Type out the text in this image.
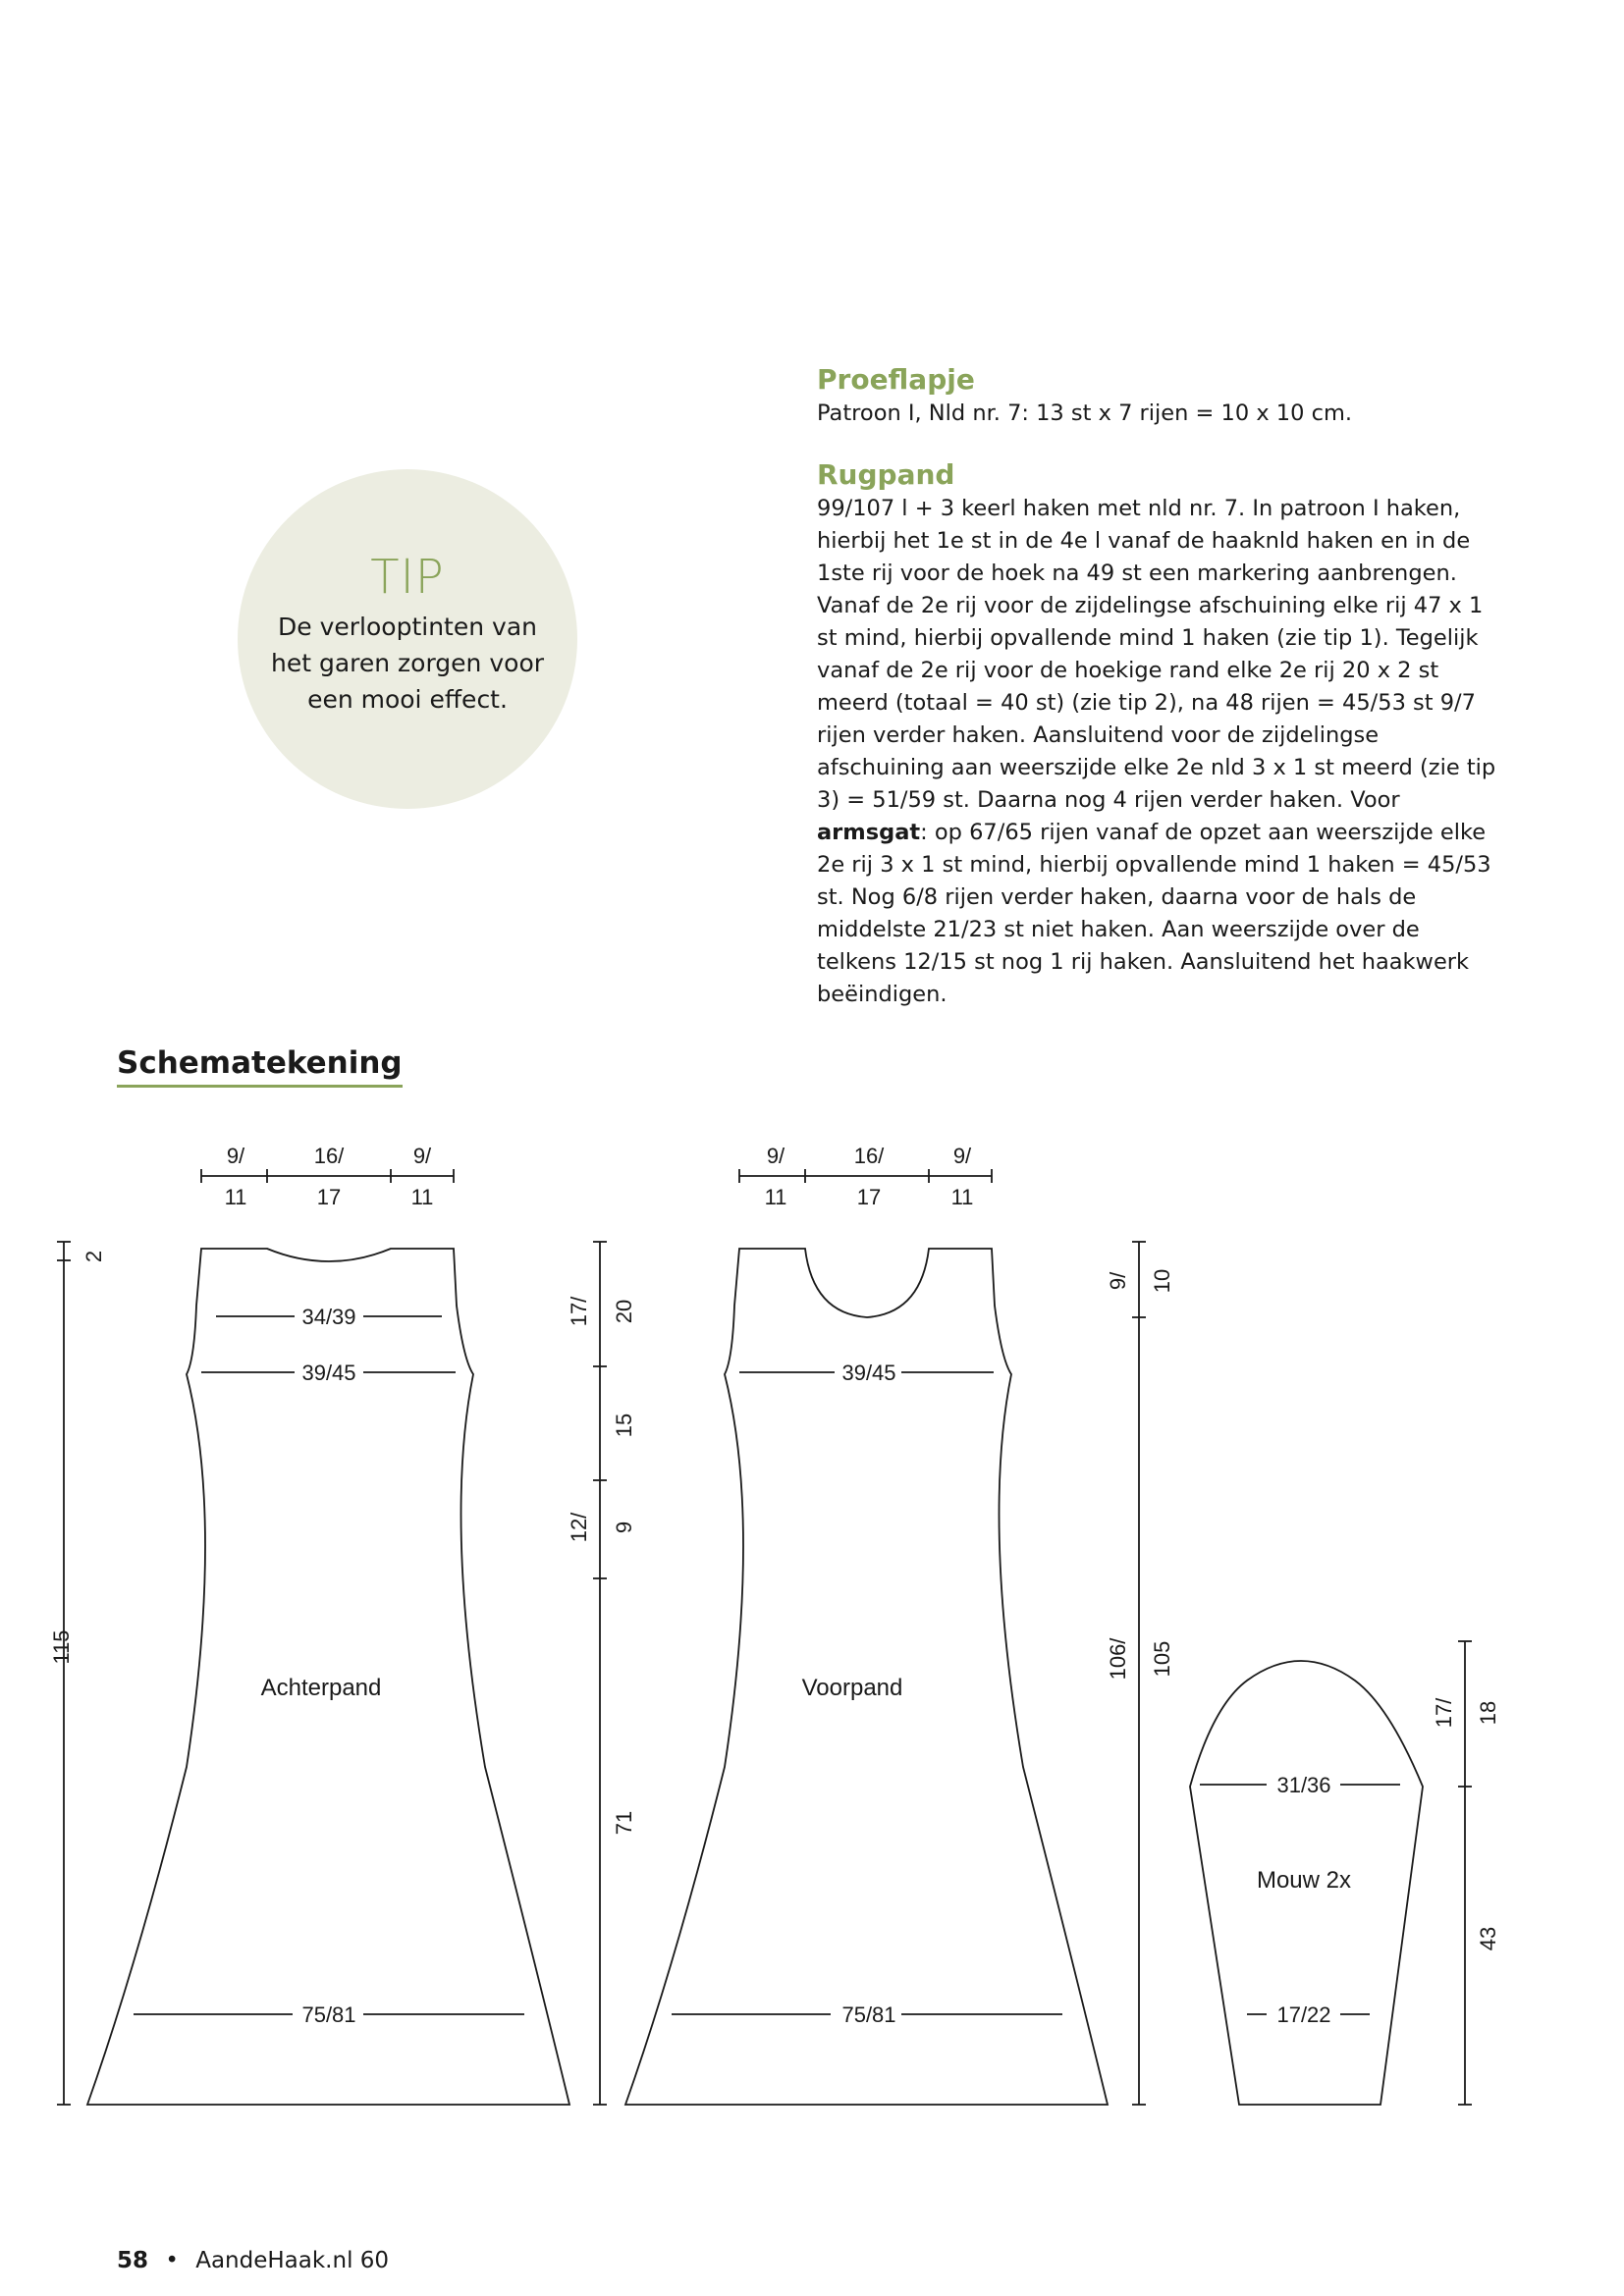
TIP
De verlooptinten van het garen zorgen voor een mooi effect.
Proeflapje
Patroon I, Nld nr. 7: 13 st x 7 rijen = 10 x 10 cm.
Rugpand
99/107 l + 3 keerl haken met nld nr. 7. In patroon I haken, hierbij het 1e st in de 4e l vanaf de haaknld haken en in de 1ste rij voor de hoek na 49 st een markering aanbrengen. Vanaf de 2e rij voor de zijdelingse afschuining elke rij 47 x 1 st mind, hierbij opvallende mind 1 haken (zie tip 1). Tegelijk vanaf de 2e rij voor de hoekige rand elke 2e rij 20 x 2 st meerd (totaal = 40 st) (zie tip 2), na 48 rijen = 45/53 st 9/7 rijen verder haken. Aansluitend voor de zijdelingse afschuining aan weerszijde elke 2e nld 3 x 1 st meerd (zie tip 3) = 51/59 st. Daarna nog 4 rijen verder haken. Voor armsgat: op 67/65 rijen vanaf de opzet aan weerszijde elke 2e rij 3 x 1 st mind, hierbij opvallende mind 1 haken = 45/53 st. Nog 6/8 rijen verder haken, daarna voor de hals de middelste 21/23 st niet haken. Aan weerszijde over de telkens 12/15 st nog 1 rij haken. Aansluitend het haakwerk beëindigen.
Schematekening
9/
11
16/
17
9/
11
2
115
34/39
39/45
Achterpand
75/81
17/ 20
15
12/ 9
71
9/
11
16/
17
9/
11
39/45
Voorpand
75/81
9/ 10
106/ 105
31/36
Mouw 2x
17/22
17/ 18
43
58 • AandeHaak.nl 60
